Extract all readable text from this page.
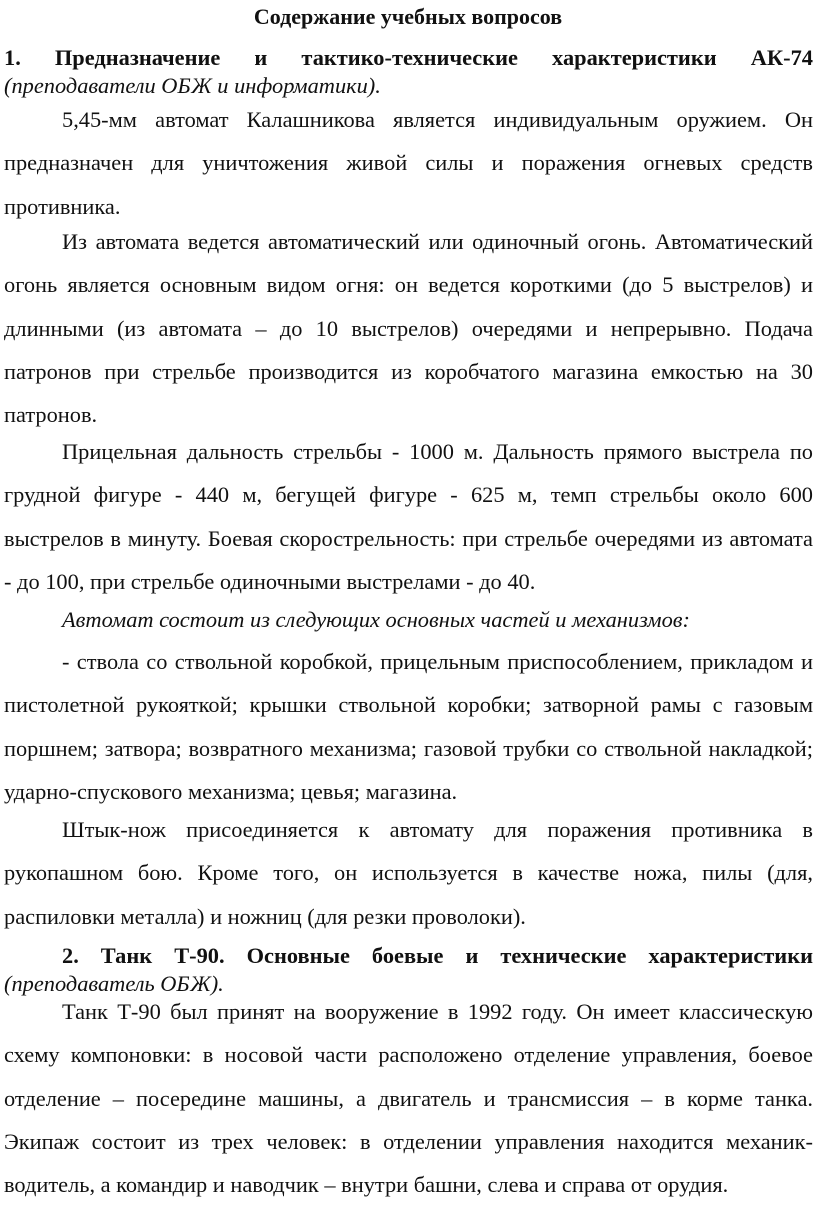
Содержание учебных вопросов
1. Предназначение и тактико-технические характеристики АК-74 (преподаватели ОБЖ и информатики).
5,45-мм автомат Калашникова является индивидуальным оружием. Он предназначен для уничтожения живой силы и поражения огневых средств противника.
Из автомата ведется автоматический или одиночный огонь. Автоматический огонь является основным видом огня: он ведется короткими (до 5 выстрелов) и длинными (из автомата – до 10 выстрелов) очередями и непрерывно. Подача патронов при стрельбе производится из коробчатого магазина емкостью на 30 патронов.
Прицельная дальность стрельбы - 1000 м. Дальность прямого выстрела по грудной фигуре - 440 м, бегущей фигуре - 625 м, темп стрельбы около 600 выстрелов в минуту. Боевая скорострельность: при стрельбе очередями из автомата - до 100, при стрельбе одиночными выстрелами - до 40.
Автомат состоит из следующих основных частей и механизмов:
- ствола со ствольной коробкой, прицельным приспособлением, прикладом и пистолетной рукояткой; крышки ствольной коробки; затворной рамы с газовым поршнем; затвора; возвратного механизма; газовой трубки со ствольной накладкой; ударно-спускового механизма; цевья; магазина.
Штык-нож присоединяется к автомату для поражения противника в рукопашном бою. Кроме того, он используется в качестве ножа, пилы (для, распиловки металла) и ножниц (для резки проволоки).
2. Танк Т-90. Основные боевые и технические характеристики (преподаватель ОБЖ).
Танк Т-90 был принят на вооружение в 1992 году. Он имеет классическую схему компоновки: в носовой части расположено отделение управления, боевое отделение – посередине машины, а двигатель и трансмиссия – в корме танка. Экипаж состоит из трех человек: в отделении управления находится механик-водитель, а командир и наводчик – внутри башни, слева и справа от орудия.
